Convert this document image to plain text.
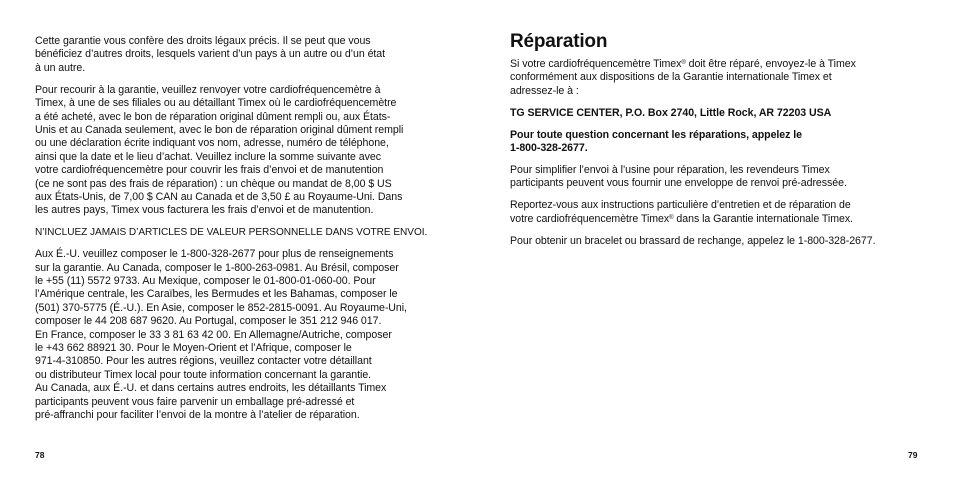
Cette garantie vous confère des droits légaux précis. Il se peut que vous
bénéficiez d’autres droits, lesquels varient d’un pays à un autre ou d’un état
à un autre.

Pour recourir à la garantie, veuillez renvoyer votre cardiofréquencemètre à
Timex, à une de ses filiales ou au détaillant Timex où le cardiofréquencemètre
a été acheté, avec le bon de réparation original dûment rempli ou, aux États-
Unis et au Canada seulement, avec le bon de réparation original dûment rempli
ou une déclaration écrite indiquant vos nom, adresse, numéro de téléphone,
ainsi que la date et le lieu d’achat. Veuillez inclure la somme suivante avec
votre cardiofréquencemètre pour couvrir les frais d’envoi et de manutention
(ce ne sont pas des frais de réparation) : un chèque ou mandat de 8,00 $ US
aux États-Unis, de 7,00 $ CAN au Canada et de 3,50 £ au Royaume-Uni. Dans
les autres pays, Timex vous facturera les frais d’envoi et de manutention.

N’INCLUEZ JAMAIS D’ARTICLES DE VALEUR PERSONNELLE DANS VOTRE ENVOI.

Aux É.-U. veuillez composer le 1-800-328-2677 pour plus de renseignements
sur la garantie. Au Canada, composer le 1-800-263-0981. Au Brésil, composer
le +55 (11) 5572 9733. Au Mexique, composer le 01-800-01-060-00. Pour
l’Amérique centrale, les Caraïbes, les Bermudes et les Bahamas, composer le
(501) 370-5775 (É.-U.). En Asie, composer le 852-2815-0091. Au Royaume-Uni,
composer le 44 208 687 9620. Au Portugal, composer le 351 212 946 017.
En France, composer le 33 3 81 63 42 00. En Allemagne/Autriche, composer
le +43 662 88921 30. Pour le Moyen-Orient et l’Afrique, composer le
971-4-310850. Pour les autres régions, veuillez contacter votre détaillant
ou distributeur Timex local pour toute information concernant la garantie.
Au Canada, aux É.-U. et dans certains autres endroits, les détaillants Timex
participants peuvent vous faire parvenir un emballage pré-adressé et
pré-affranchi pour faciliter l’envoi de la montre à l’atelier de réparation.

Réparation

Si votre cardiofréquencemètre Timex® doit être réparé, envoyez-le à Timex
conformément aux dispositions de la Garantie internationale Timex et
adressez-le à :

TG SERVICE CENTER, P.O. Box 2740, Little Rock, AR 72203 USA

Pour toute question concernant les réparations, appelez le
1-800-328-2677.

Pour simplifier l’envoi à l’usine pour réparation, les revendeurs Timex
participants peuvent vous fournir une enveloppe de renvoi pré-adressée.

Reportez-vous aux instructions particulière d’entretien et de réparation de
votre cardiofréquencemètre Timex® dans la Garantie internationale Timex.

Pour obtenir un bracelet ou brassard de rechange, appelez le 1-800-328-2677.

78	79
